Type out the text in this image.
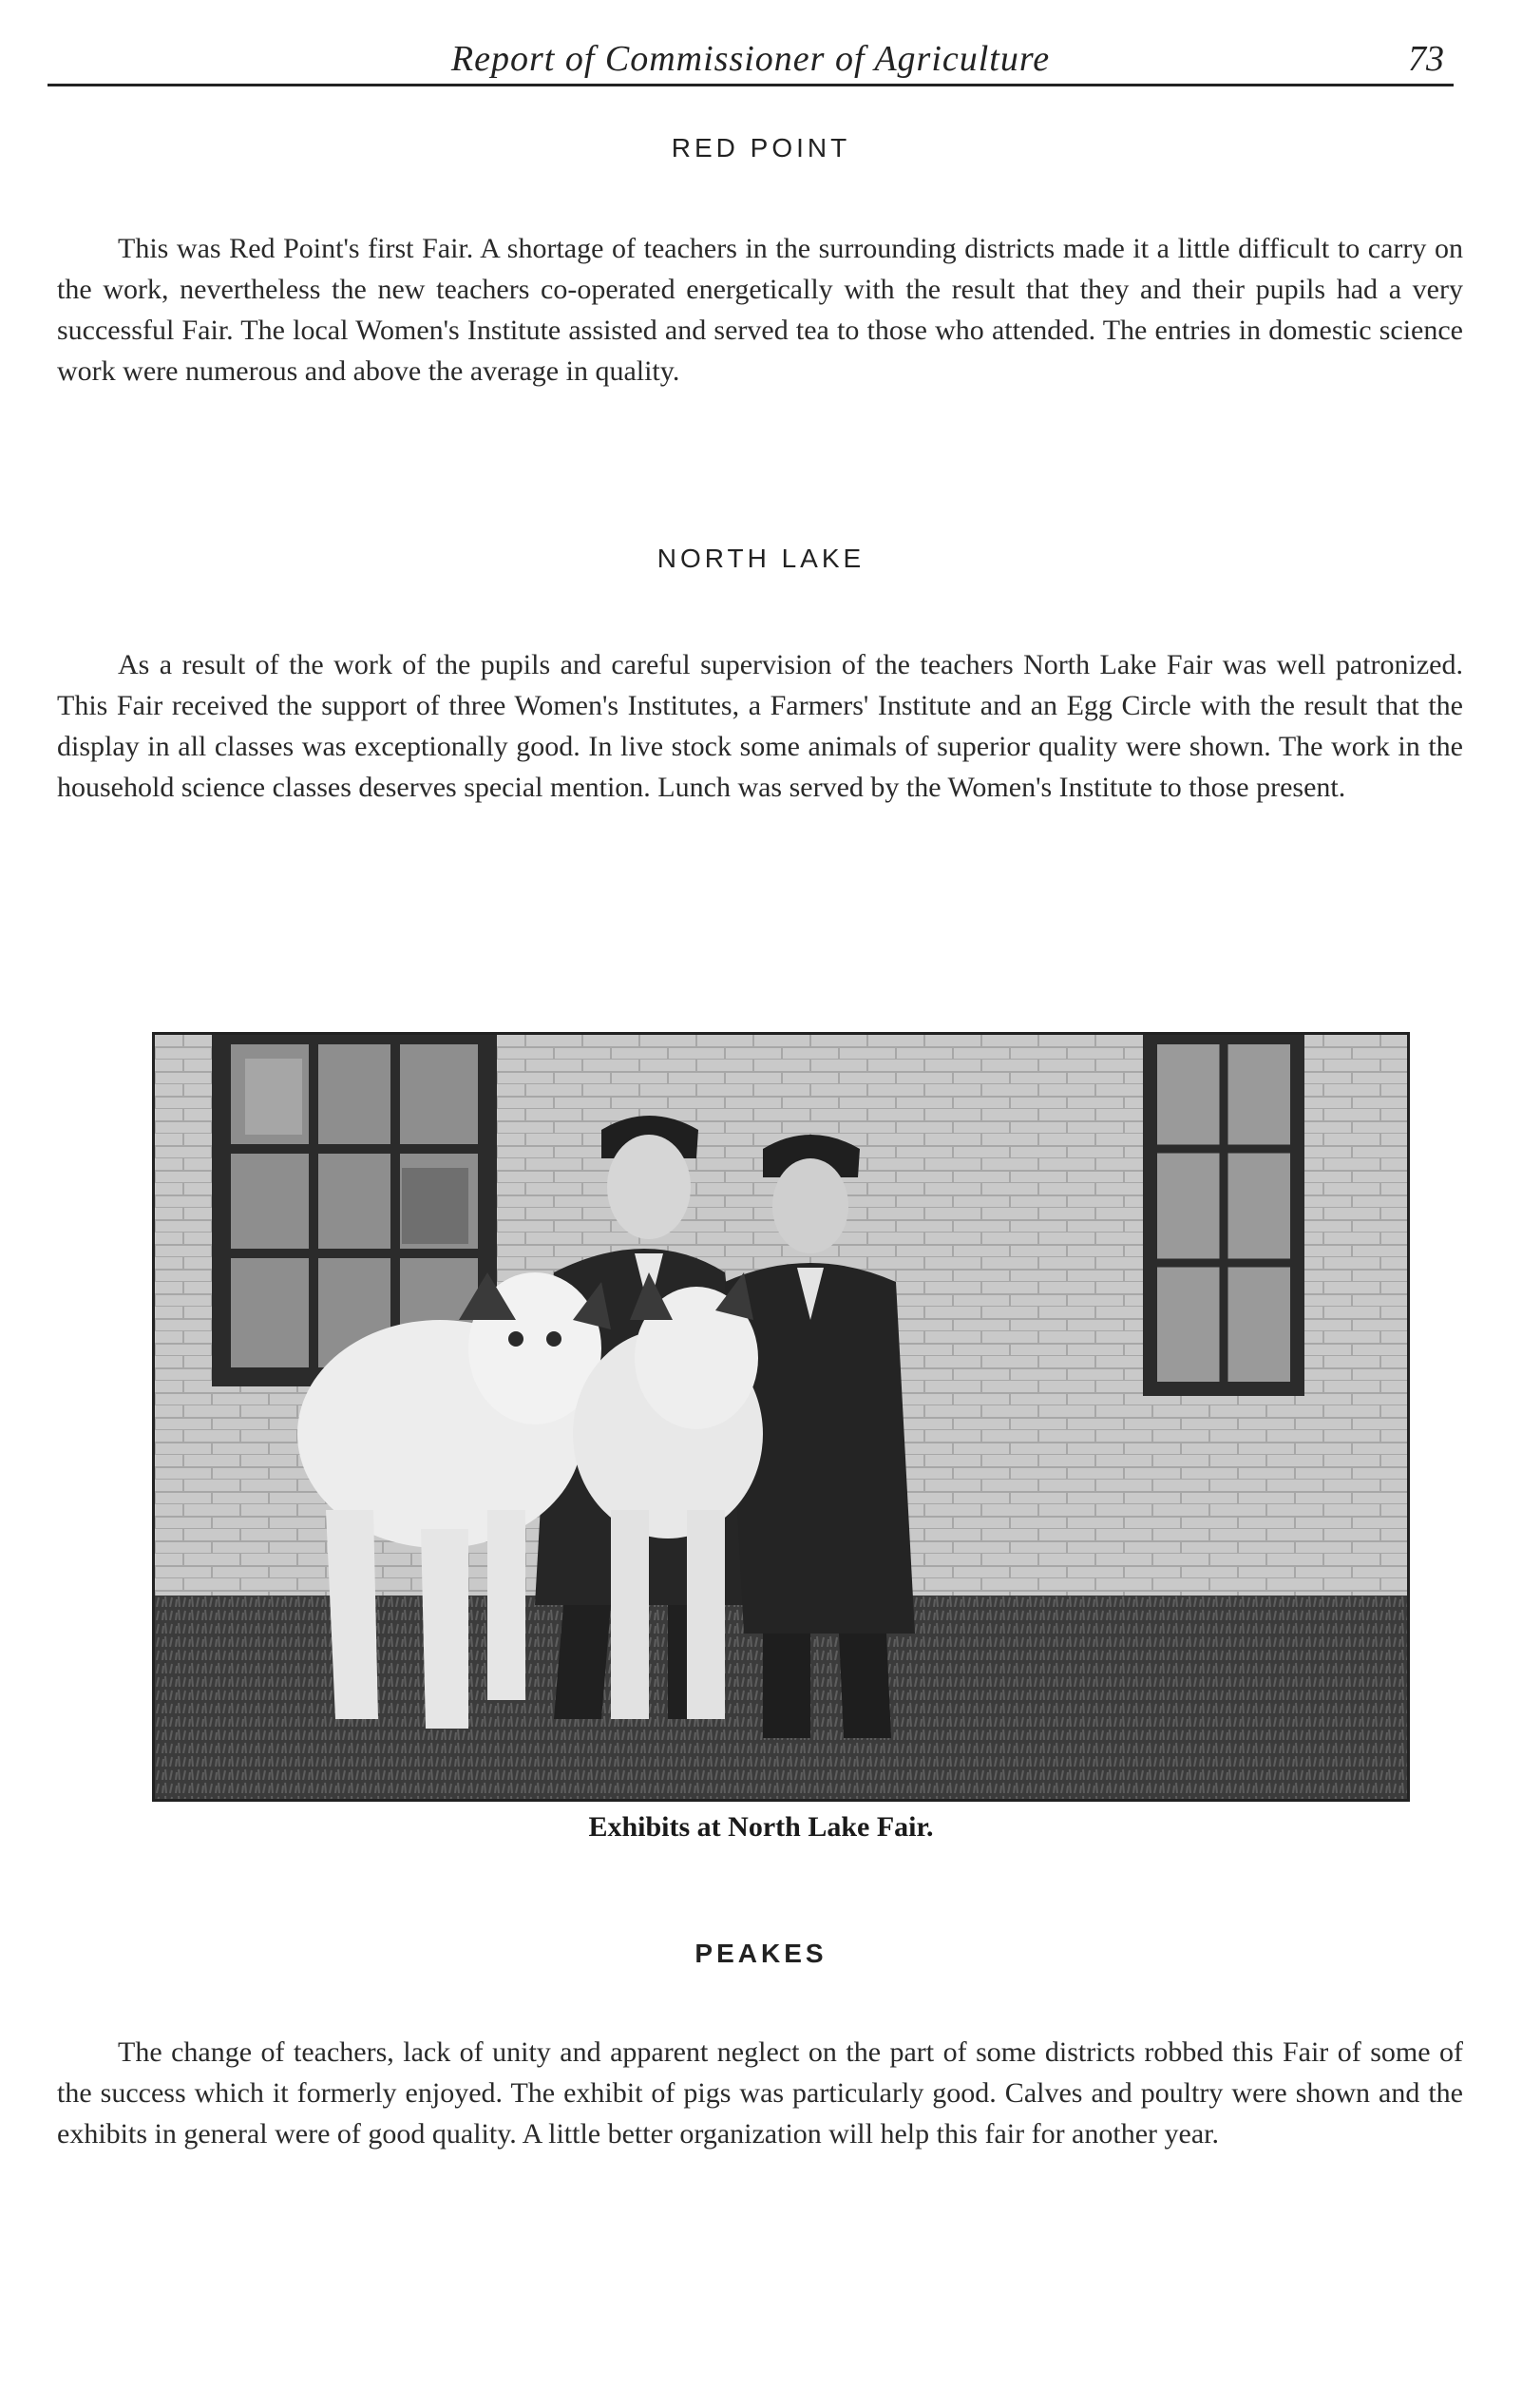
Report of Commissioner of Agriculture	73
RED POINT

This was Red Point's first Fair. A shortage of teachers in the surrounding districts made it a little difficult to carry on the work, nevertheless the new teachers co-operated energetically with the result that they and their pupils had a very successful Fair. The local Women's Institute assisted and served tea to those who attended. The entries in domestic science work were numerous and above the average in quality.

NORTH LAKE

As a result of the work of the pupils and careful supervision of the teachers North Lake Fair was well patronized. This Fair received the support of three Women's Institutes, a Farmers' Institute and an Egg Circle with the result that the display in all classes was exceptionally good. In live stock some animals of superior quality were shown. The work in the household science classes deserves special mention. Lunch was served by the Women's Institute to those present.

Exhibits at North Lake Fair.
PEAKES

The change of teachers, lack of unity and apparent neglect on the part of some districts robbed this Fair of some of the success which it formerly enjoyed. The exhibit of pigs was particularly good. Calves and poultry were shown and the exhibits in general were of good quality. A little better organization will help this fair for another year.
